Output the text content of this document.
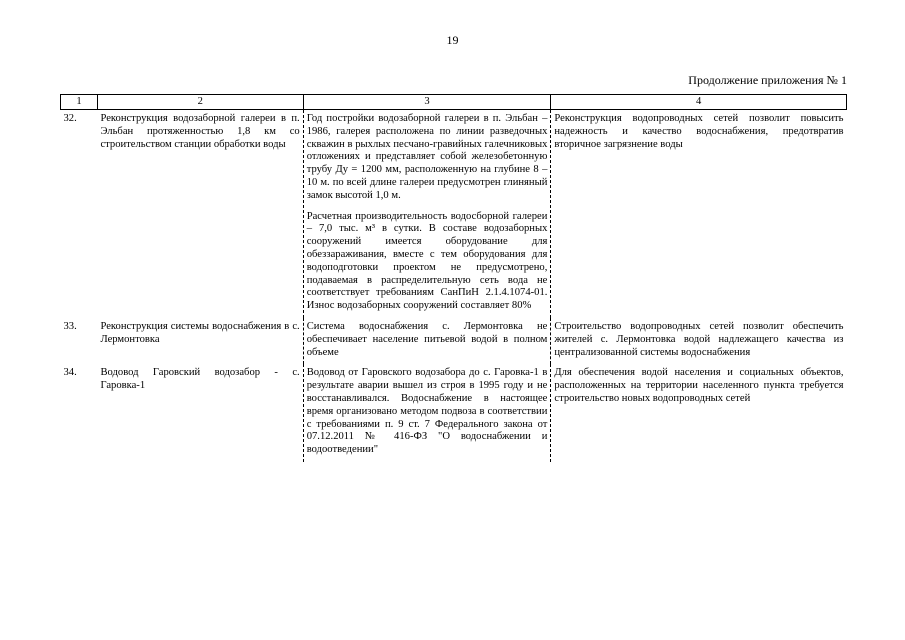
19
Продолжение приложения № 1
1	2	3	4
32.	Реконструкция водозаборной галереи в п. Эльбан протяженностью 1,8 км со строительством станции обработки воды	Год постройки водозаборной галереи в п. Эльбан – 1986, галерея расположена по линии разведочных скважин в рыхлых песчано-гравийных галечниковых отложениях и представляет собой железобетонную трубу Ду = 1200 мм, расположенную на глубине 8 – 10 м. по всей длине галереи предусмотрен глиняный замок высотой 1,0 м.

Расчетная производительность водосборной галереи – 7,0 тыс. м³ в сутки. В составе водозаборных сооружений имеется оборудование для обеззараживания, вместе с тем оборудования для водоподготовки проектом не предусмотрено, подаваемая в распределительную сеть вода не соответствует требованиям СанПиН 2.1.4.1074-01. Износ водозаборных сооружений составляет 80%	Реконструкция водопроводных сетей позволит повысить надежность и качество водоснабжения, предотвратив вторичное загрязнение воды
33.	Реконструкция системы водоснабжения в с. Лермонтовка	Система водоснабжения с. Лермонтовка не обеспечивает население питьевой водой в полном объеме	Строительство водопроводных сетей позволит обеспечить жителей с. Лермонтовка водой надлежащего качества из централизованной системы водоснабжения
34.	Водовод Гаровский водозабор - с. Гаровка-1	Водовод от Гаровского водозабора до с. Гаровка-1 в результате аварии вышел из строя в 1995 году и не восстанавливался. Водоснабжение в настоящее время организовано методом подвоза в соответствии с требованиями п. 9 ст. 7 Федерального закона от 07.12.2011 № 416-ФЗ "О водоснабжении и водоотведении"	Для обеспечения водой населения и социальных объектов, расположенных на территории населенного пункта требуется строительство новых водопроводных сетей
